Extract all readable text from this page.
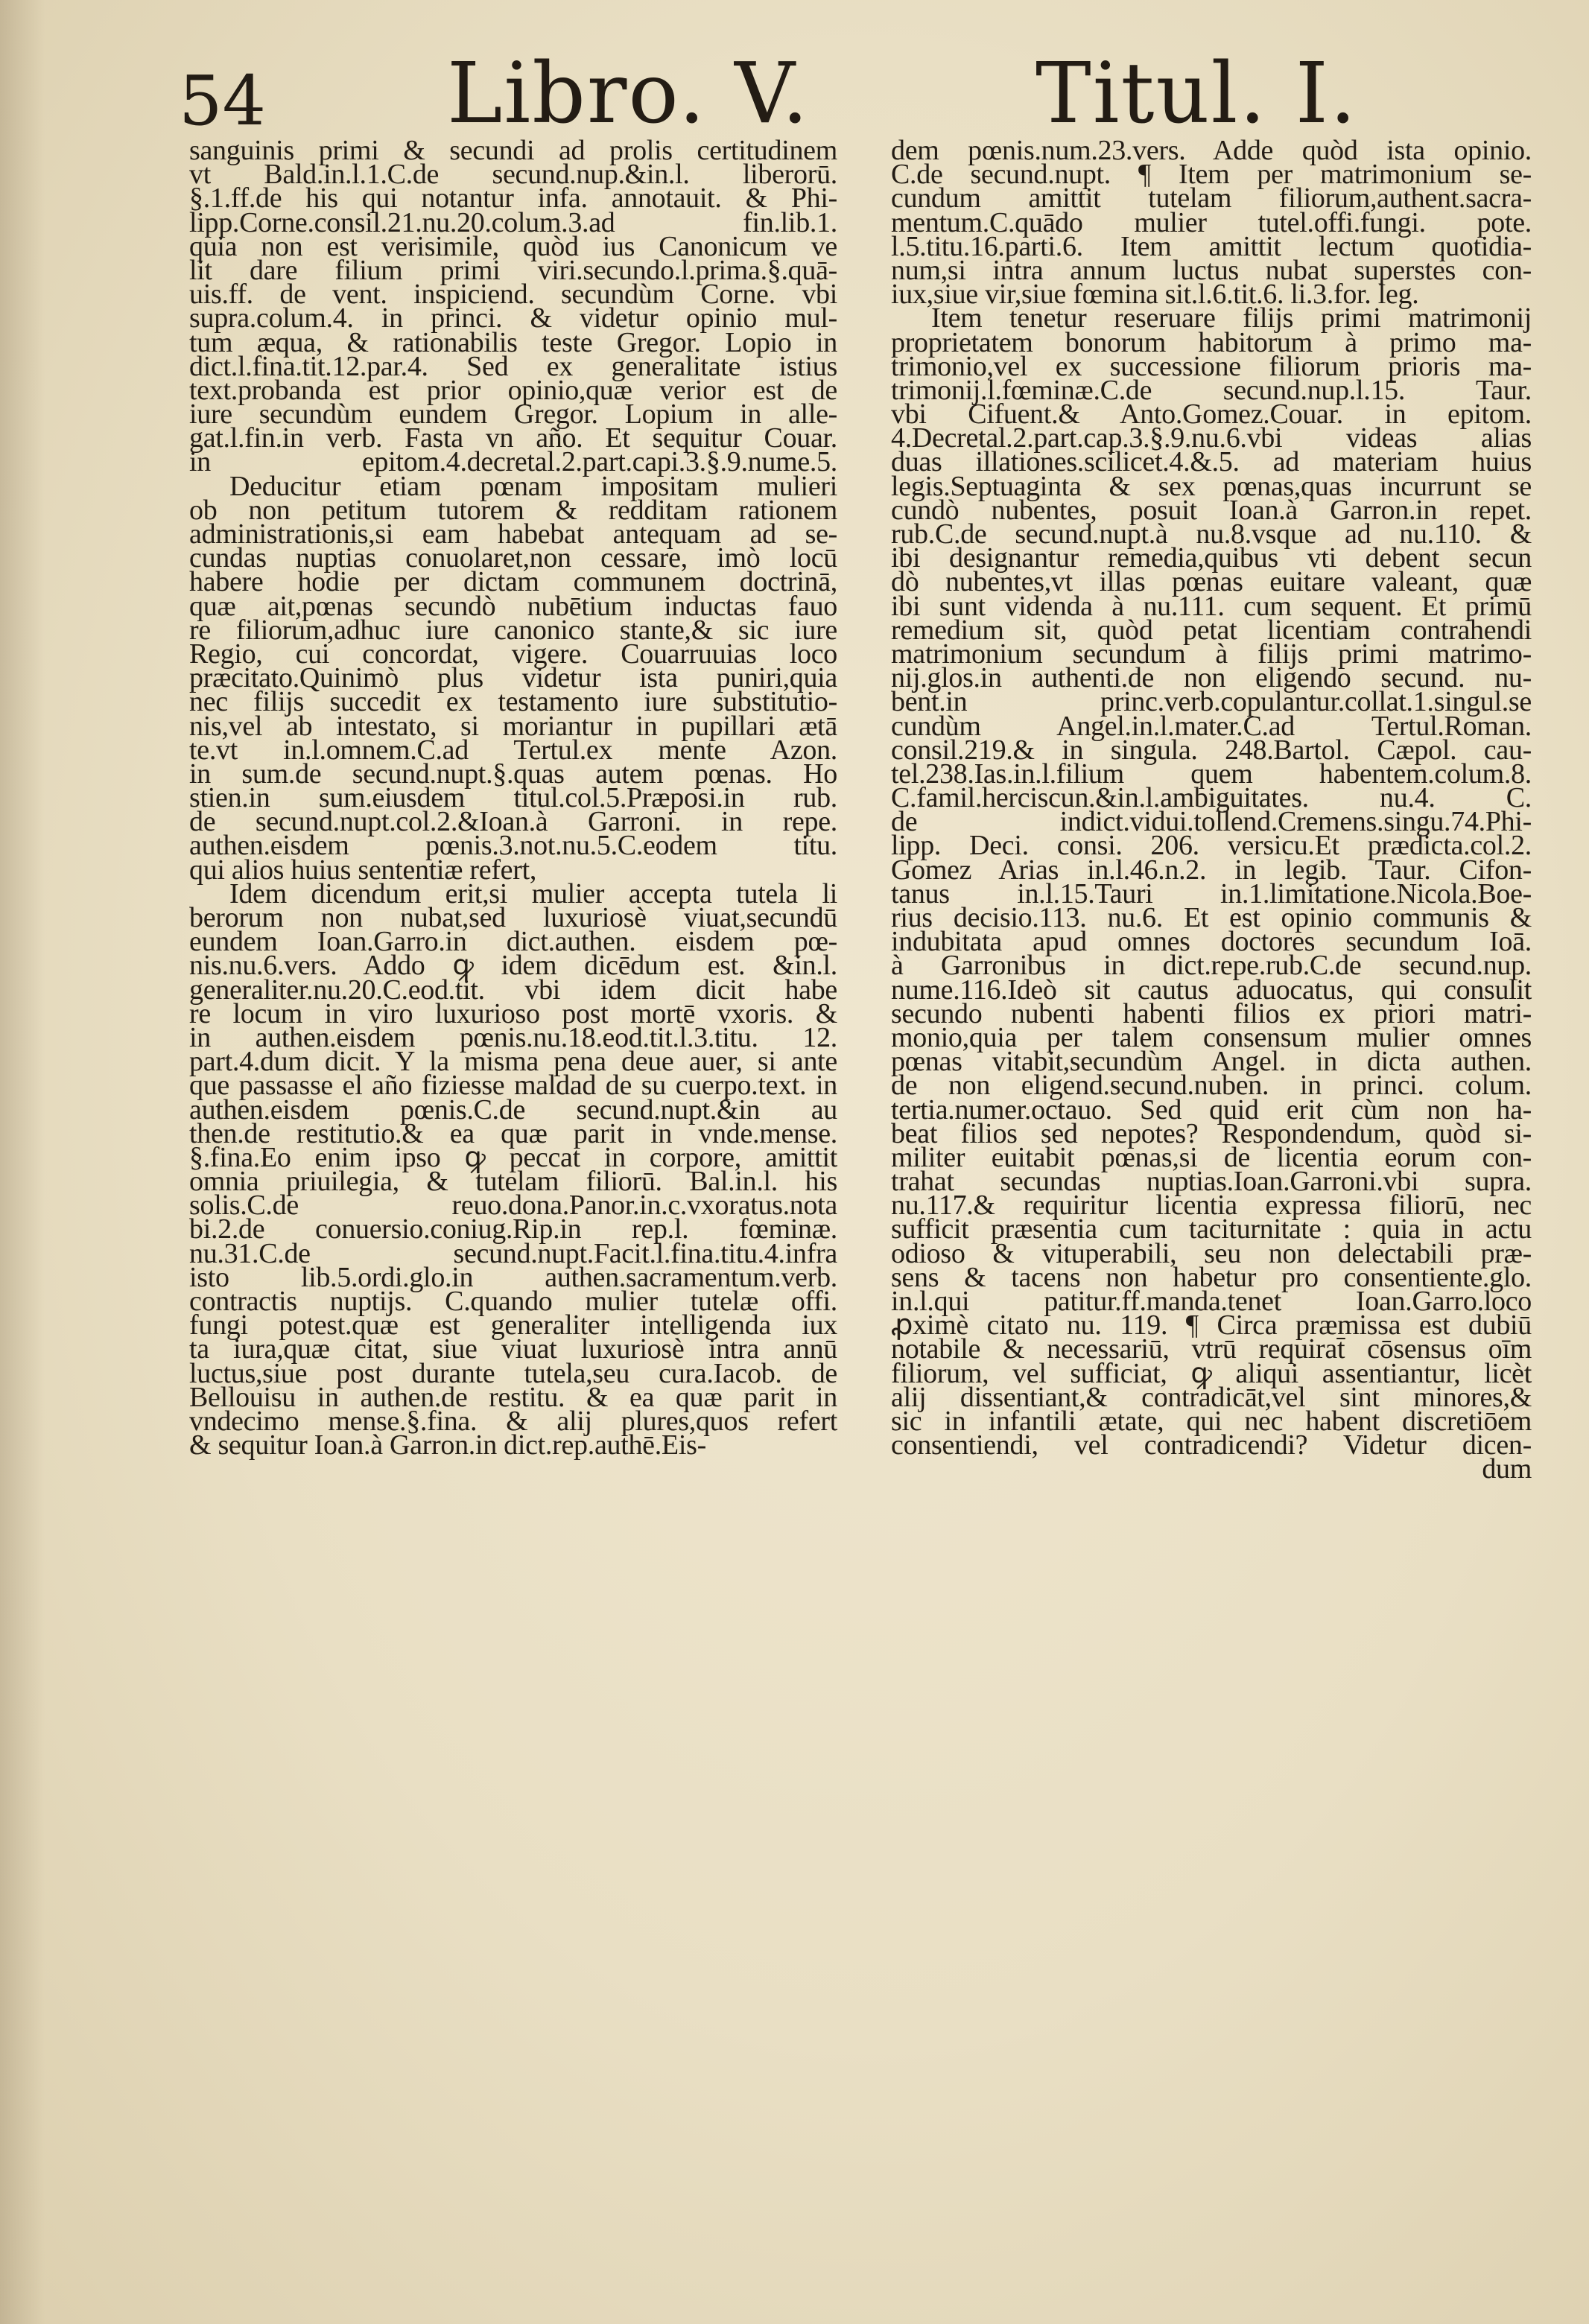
54 Libro. V.	Titul. I.
sanguinis primi & secundi ad prolis certitudinem
vt Bald.in.l.1.C.de secund.nup.&in.l. liberorū.
§.1.ff.de his qui notantur infa. annotauit. & Phi-
lipp.Corne.consil.21.nu.20.colum.3.ad fin.lib.1.
quia non est verisimile, quòd ius Canonicum ve
lit dare filium primi viri.secundo.l.prima.§.quā-
uis.ff. de vent. inspiciend. secundùm Corne. vbi
supra.colum.4. in princi. & videtur opinio mul-
tum æqua, & rationabilis teste Gregor. Lopio in
dict.l.fina.tit.12.par.4. Sed ex generalitate istius
text.probanda est prior opinio,quæ verior est de
iure secundùm eundem Gregor. Lopium in alle-
gat.l.fin.in verb. Fasta vn año. Et sequitur Couar.
in epitom.4.decretal.2.part.capi.3.§.9.nume.5.
Deducitur etiam pœnam impositam mulieri
ob non petitum tutorem & redditam rationem
administrationis,si eam habebat antequam ad se-
cundas nuptias conuolaret,non cessare, imò locū
habere hodie per dictam communem doctrinā,
quæ ait,pœnas secundò nubētium inductas fauo
re filiorum,adhuc iure canonico stante,& sic iure
Regio, cui concordat, vigere. Couarruuias loco
præcitato.Quinimò plus videtur ista puniri,quia
nec filijs succedit ex testamento iure substitutio-
nis,vel ab intestato, si moriantur in pupillari ætā
te.vt in.l.omnem.C.ad Tertul.ex mente Azon.
in sum.de secund.nupt.§.quas autem pœnas. Ho
stien.in sum.eiusdem titul.col.5.Præposi.in rub.
de secund.nupt.col.2.&Ioan.à Garroni. in repe.
authen.eisdem pœnis.3.not.nu.5.C.eodem titu.
qui alios huius sententiæ refert,
Idem dicendum erit,si mulier accepta tutela li
berorum non nubat,sed luxuriosè viuat,secundū
eundem Ioan.Garro.in dict.authen. eisdem pœ-
nis.nu.6.vers. Addo ꝙ idem dicēdum est. &in.l.
generaliter.nu.20.C.eod.tit. vbi idem dicit habe
re locum in viro luxurioso post mortē vxoris. &
in authen.eisdem pœnis.nu.18.eod.tit.l.3.titu. 12.
part.4.dum dicit. Y la misma pena deue auer, si ante
que passasse el año fiziesse maldad de su cuerpo.text. in
authen.eisdem pœnis.C.de secund.nupt.&in au
then.de restitutio.& ea quæ parit in vnde.mense.
§.fina.Eo enim ipso ꝙ peccat in corpore, amittit
omnia priuilegia, & tutelam filiorū. Bal.in.l. his
solis.C.de reuo.dona.Panor.in.c.vxoratus.nota
bi.2.de conuersio.coniug.Rip.in rep.l. fœminæ.
nu.31.C.de secund.nupt.Facit.l.fina.titu.4.infra
isto lib.5.ordi.glo.in authen.sacramentum.verb.
contractis nuptijs. C.quando mulier tutelæ offi.
fungi potest.quæ est generaliter intelligenda iux
ta iura,quæ citat, siue viuat luxuriosè intra annū
luctus,siue post durante tutela,seu cura.Iacob. de
Bellouisu in authen.de restitu. & ea quæ parit in
vndecimo mense.§.fina. & alij plures,quos refert
& sequitur Ioan.à Garron.in dict.rep.authē.Eis-
dem pœnis.num.23.vers. Adde quòd ista opinio.
C.de secund.nupt. ¶ Item per matrimonium se-
cundum amittit tutelam filiorum,authent.sacra-
mentum.C.quādo mulier tutel.offi.fungi. pote.
l.5.titu.16.parti.6. Item amittit lectum quotidia-
num,si intra annum luctus nubat superstes con-
iux,siue vir,siue fœmina sit.l.6.tit.6. li.3.for. leg.
Item tenetur reseruare filijs primi matrimonij
proprietatem bonorum habitorum à primo ma-
trimonio,vel ex successione filiorum prioris ma-
trimonij.l.fœminæ.C.de secund.nup.l.15. Taur.
vbi Cifuent.& Anto.Gomez.Couar. in epitom.
4.Decretal.2.part.cap.3.§.9.nu.6.vbi videas alias
duas illationes.scilicet.4.&.5. ad materiam huius
legis.Septuaginta & sex pœnas,quas incurrunt se
cundò nubentes, posuit Ioan.à Garron.in repet.
rub.C.de secund.nupt.à nu.8.vsque ad nu.110. &
ibi designantur remedia,quibus vti debent secun
dò nubentes,vt illas pœnas euitare valeant, quæ
ibi sunt videnda à nu.111. cum sequent. Et primū
remedium sit, quòd petat licentiam contrahendi
matrimonium secundum à filijs primi matrimo-
nij.glos.in authenti.de non eligendo secund. nu-
bent.in princ.verb.copulantur.collat.1.singul.se
cundùm Angel.in.l.mater.C.ad Tertul.Roman.
consil.219.& in singula. 248.Bartol. Cæpol. cau-
tel.238.Ias.in.l.filium quem habentem.colum.8.
C.famil.herciscun.&in.l.ambiguitates. nu.4. C.
de indict.vidui.tollend.Cremens.singu.74.Phi-
lipp. Deci. consi. 206. versicu.Et prædicta.col.2.
Gomez Arias in.l.46.n.2. in legib. Taur. Cifon-
tanus in.l.15.Tauri in.1.limitatione.Nicola.Boe-
rius decisio.113. nu.6. Et est opinio communis &
indubitata apud omnes doctores secundum Ioā.
à Garronibus in dict.repe.rub.C.de secund.nup.
nume.116.Ideò sit cautus aduocatus, qui consulit
secundo nubenti habenti filios ex priori matri-
monio,quia per talem consensum mulier omnes
pœnas vitabit,secundùm Angel. in dicta authen.
de non eligend.secund.nuben. in princi. colum.
tertia.numer.octauo. Sed quid erit cùm non ha-
beat filios sed nepotes? Respondendum, quòd si-
militer euitabit pœnas,si de licentia eorum con-
trahat secundas nuptias.Ioan.Garroni.vbi supra.
nu.117.& requiritur licentia expressa filiorū, nec
sufficit præsentia cum taciturnitate : quia in actu
odioso & vituperabili, seu non delectabili præ-
sens & tacens non habetur pro consentiente.glo.
in.l.qui patitur.ff.manda.tenet Ioan.Garro.loco
ꝓximè citato nu. 119. ¶ Circa præmissa est dubiū
notabile & necessariū, vtrū requirat̄ cōsensus oīm
filiorum, vel sufficiat, ꝙ aliqui assentiantur, licèt
alij dissentiant,& contradicāt,vel sint minores,&
sic in infantili ætate, qui nec habent discretiōem
consentiendi, vel contradicendi? Videtur dicen-
dum
